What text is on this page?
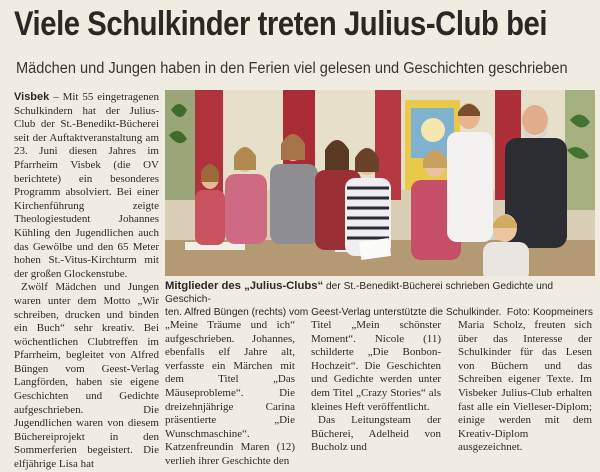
Viele Schulkinder treten Julius-Club bei
Mädchen und Jungen haben in den Ferien viel gelesen und Geschichten geschrieben

Visbek – Mit 55 eingetragenen Schulkindern hat der Julius-Club der St.-Benedikt-Bücherei seit der Auftaktveranstaltung am 23. Juni diesen Jahres im Pfarrheim Visbek (die OV berichtete) ein besonderes Programm absolviert. Bei einer Kirchenführung zeigte Theologiestudent Johannes Kühling den Jugendlichen auch das Gewölbe und den 65 Meter hohen St.-Vitus-Kirchturm mit der großen Glockenstube.

Zwölf Mädchen und Jungen waren unter dem Motto „Wir schreiben, drucken und binden ein Buch“ sehr kreativ. Bei wöchentlichen Clubtreffen im Pfarrheim, begleitet von Alfred Büngen vom Geest-Verlag Langförden, haben sie eigene Geschichten und Gedichte aufgeschrieben. Die Jugendlichen waren von diesem Büchereiprojekt in den Sommerferien begeistert. Die elfjährige Lisa hat

Mitglieder des „Julius-Clubs“ der St.-Benedikt-Bücherei schrieben Gedichte und Geschich-
ten. Alfred Büngen (rechts) vom Geest-Verlag unterstützte die Schulkinder. Foto: Koopmeiners

„Meine Träume und ich“ aufgeschrieben. Johannes, ebenfalls elf Jahre alt, verfasste ein Märchen mit dem Titel „Das Mäuseprobleme“. Die dreizehnjährige Carina präsentierte „Die Wunschmaschine“. Katzenfreundin Maren (12) verlieh ihrer Geschichte den

Titel „Mein schönster Moment“. Nicole (11) schilderte „Die Bonbon-Hochzeit“. Die Geschichten und Gedichte werden unter dem Titel „Crazy Stories“ als kleines Heft veröffentlicht.

Das Leitungsteam der Bücherei, Adelheid von Bucholz und

Maria Scholz, freuten sich über das Interesse der Schulkinder für das Lesen von Büchern und das Schreiben eigener Texte. Im Visbeker Julius-Club erhalten fast alle ein Vielleser-Diplom; einige werden mit dem Kreativ-Diplom ausgezeichnet.
